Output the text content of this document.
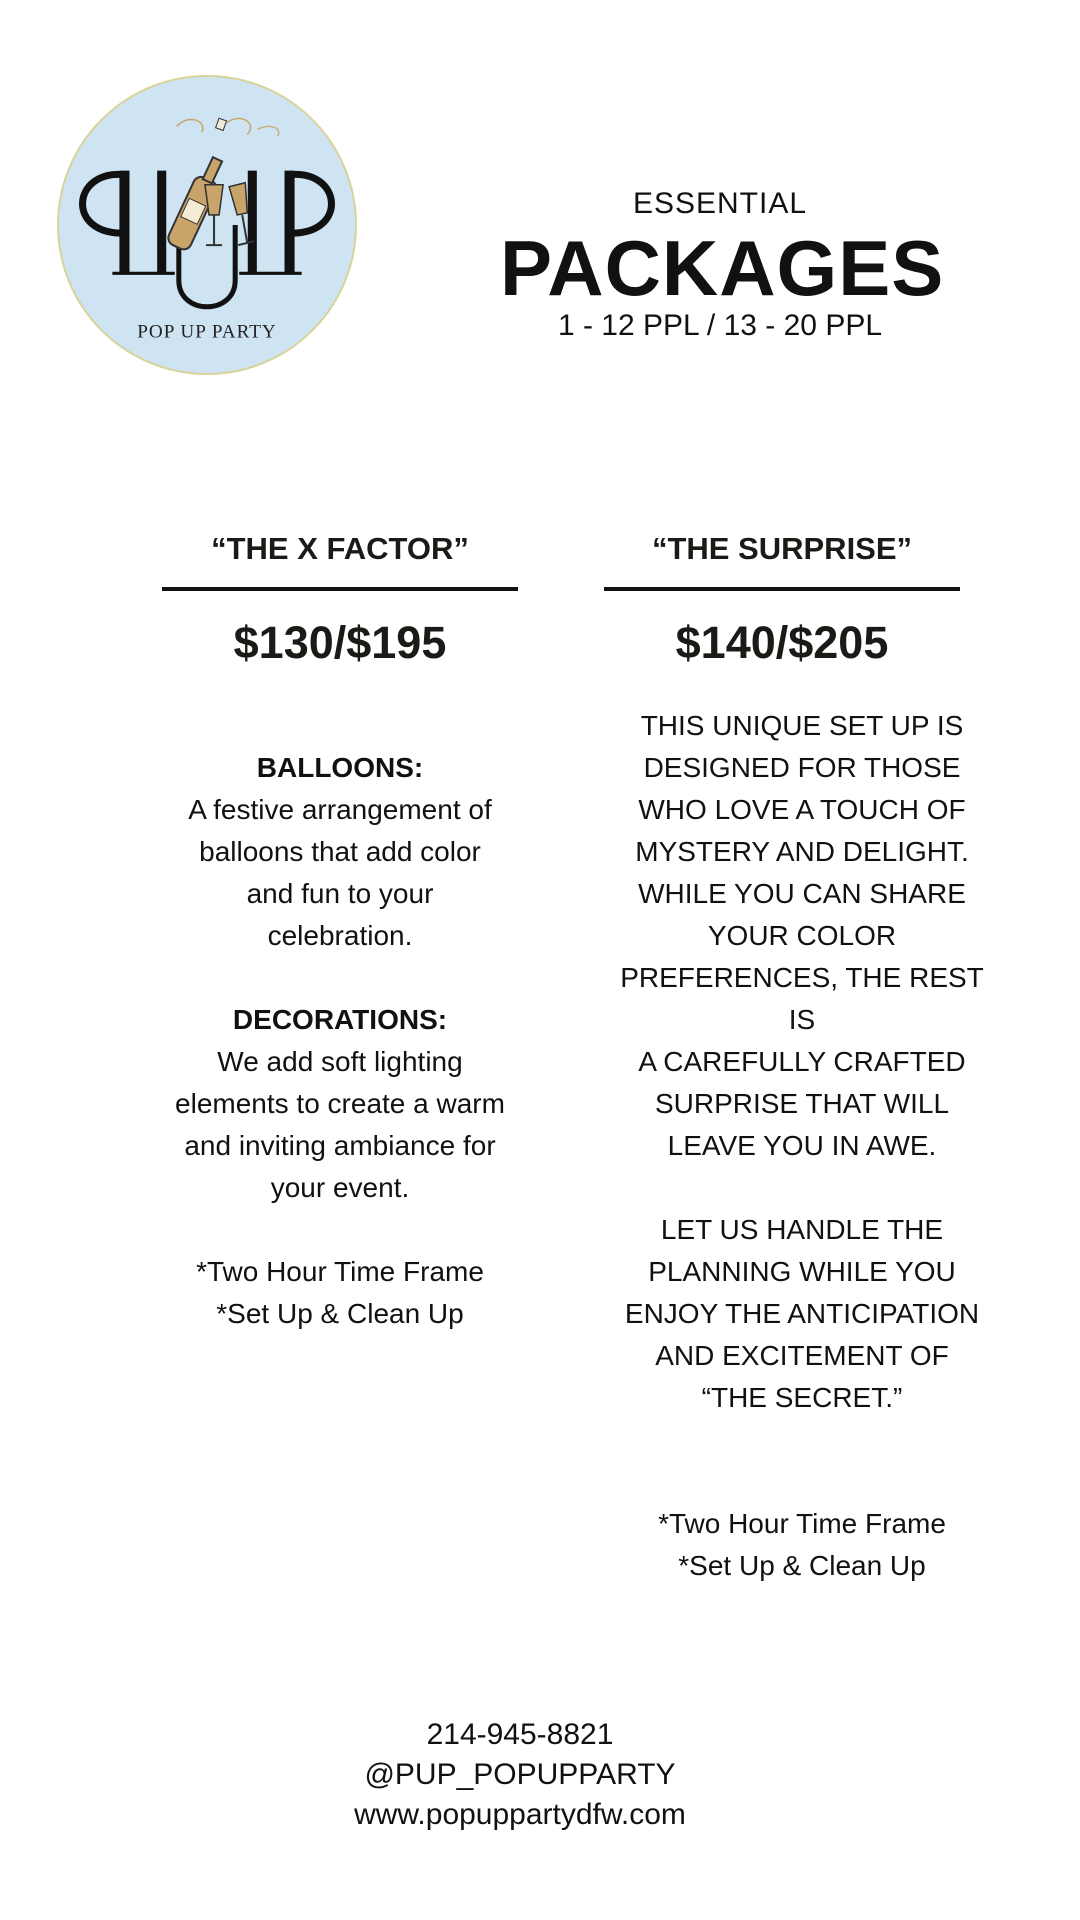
POP UP PARTY
ESSENTIAL
PACKAGES
1 - 12 PPL / 13 - 20 PPL
“THE X FACTOR”
$130/$195
“THE SURPRISE”
$140/$205
BALLOONS:
A festive arrangement of
balloons that add color
and fun to your
celebration.
DECORATIONS:
We add soft lighting
elements to create a warm
and inviting ambiance for
your event.
*Two Hour Time Frame
*Set Up & Clean Up
THIS UNIQUE SET UP IS
DESIGNED FOR THOSE
WHO LOVE A TOUCH OF
MYSTERY AND DELIGHT.
WHILE YOU CAN SHARE
YOUR COLOR
PREFERENCES, THE REST IS
A CAREFULLY CRAFTED
SURPRISE THAT WILL
LEAVE YOU IN AWE.
LET US HANDLE THE
PLANNING WHILE YOU
ENJOY THE ANTICIPATION
AND EXCITEMENT OF
“THE SECRET.”
*Two Hour Time Frame
*Set Up & Clean Up
214-945-8821
@PUP_POPUPPARTY
www.popuppartydfw.com
